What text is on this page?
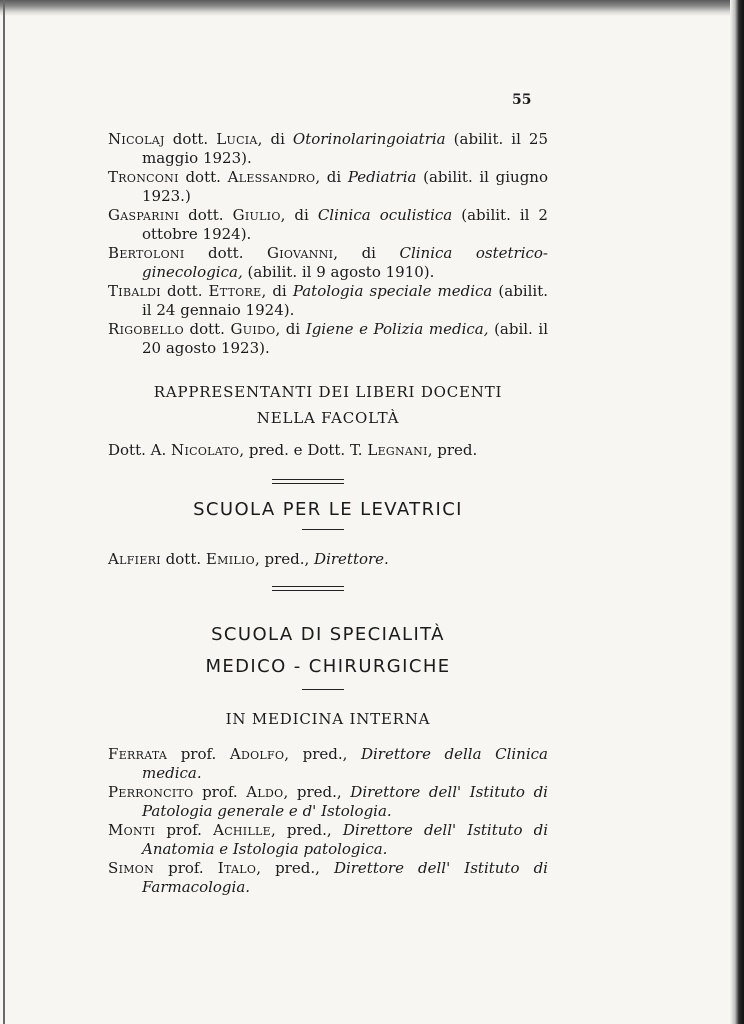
55
Nicolaj dott. Lucia, di Otorinolaringoiatria (abilit. il 25 maggio 1923).
Tronconi dott. Alessandro, di Pediatria (abilit. il giugno 1923.)
Gasparini dott. Giulio, di Clinica oculistica (abilit. il 2 ottobre 1924).
Bertoloni dott. Giovanni, di Clinica ostetrico-ginecologica, (abilit. il 9 agosto 1910).
Tibaldi dott. Ettore, di Patologia speciale medica (abilit. il 24 gennaio 1924).
Rigobello dott. Guido, di Igiene e Polizia medica, (abil. il 20 agosto 1923).
RAPPRESENTANTI DEI LIBERI DOCENTI
NELLA FACOLTÀ
Dott. A. Nicolato, pred. e Dott. T. Legnani, pred.
SCUOLA PER LE LEVATRICI
Alfieri dott. Emilio, pred., Direttore.
SCUOLA DI SPECIALITÀ
MEDICO - CHIRURGICHE
IN MEDICINA INTERNA
Ferrata prof. Adolfo, pred., Direttore della Clinica medica.
Perroncito prof. Aldo, pred., Direttore dell' Istituto di Patologia generale e d' Istologia.
Monti prof. Achille, pred., Direttore dell' Istituto di Anatomia e Istologia patologica.
Simon prof. Italo, pred., Direttore dell' Istituto di Farmacologia.
